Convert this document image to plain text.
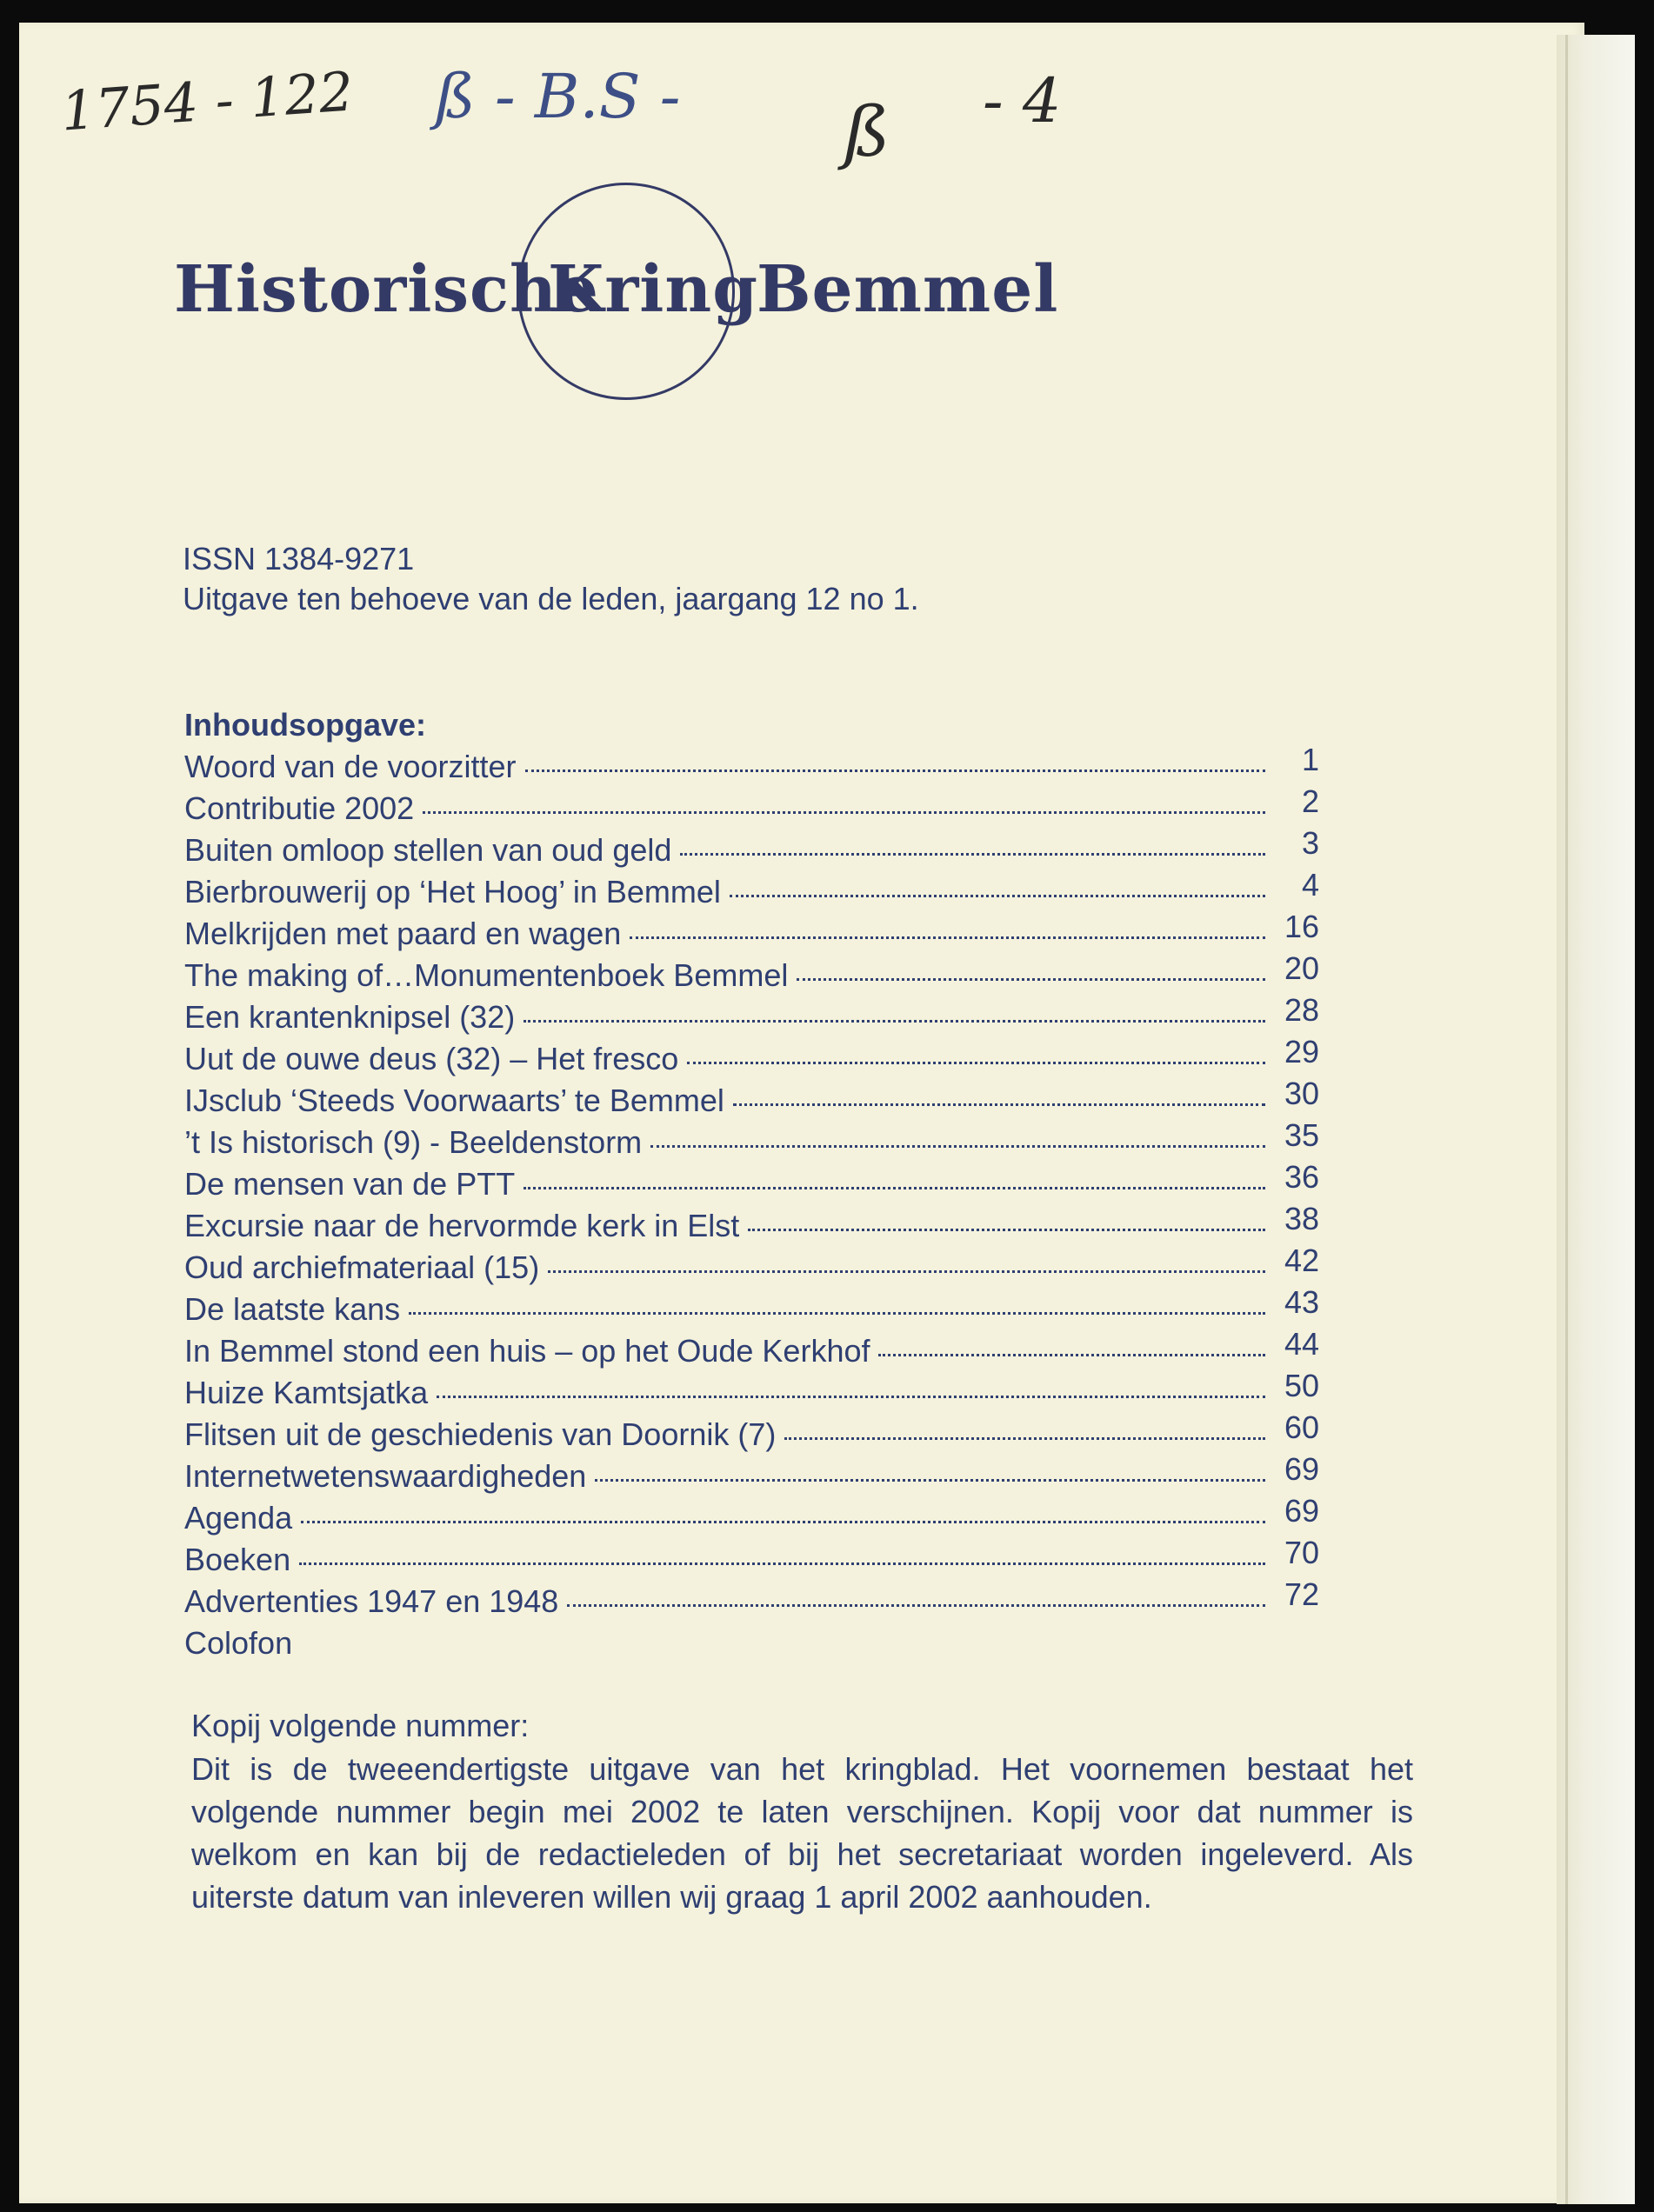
1754 - 122 ß - B.S - ß - 4
Historische
Kring
Bemmel
ISSN 1384-9271
Uitgave ten behoeve van de leden, jaargang 12 no 1.
Inhoudsopgave:
Woord van de voorzitter	1
Contributie 2002	2
Buiten omloop stellen van oud geld	3
Bierbrouwerij op ‘Het Hoog’ in Bemmel	4
Melkrijden met paard en wagen	16
The making of…Monumentenboek Bemmel	20
Een krantenknipsel (32)	28
Uut de ouwe deus (32) – Het fresco	29
IJsclub ‘Steeds Voorwaarts’ te Bemmel	30
’t Is historisch (9) - Beeldenstorm	35
De mensen van de PTT	36
Excursie naar de hervormde kerk in Elst	38
Oud archiefmateriaal (15)	42
De laatste kans	43
In Bemmel stond een huis – op het Oude Kerkhof	44
Huize Kamtsjatka	50
Flitsen uit de geschiedenis van Doornik (7)	60
Internetwetenswaardigheden	69
Agenda	69
Boeken	70
Advertenties 1947 en 1948	72
Colofon
Kopij volgende nummer:

Dit is de tweeendertigste uitgave van het kringblad. Het voornemen bestaat het volgende nummer begin mei 2002 te laten verschijnen. Kopij voor dat nummer is welkom en kan bij de redactieleden of bij het secretariaat worden ingeleverd. Als uiterste datum van inleveren willen wij graag 1 april 2002 aanhouden.
